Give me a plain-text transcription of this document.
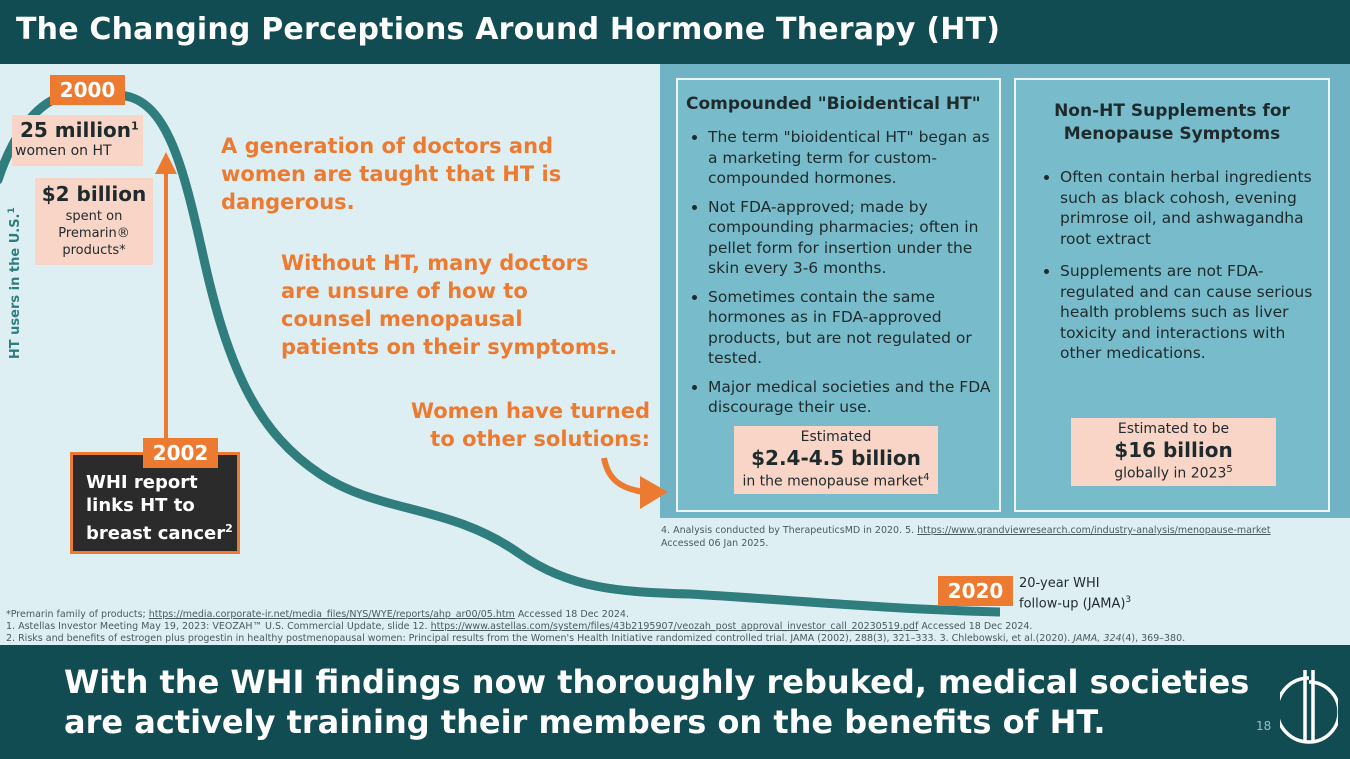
The Changing Perceptions Around Hormone Therapy (HT)
HT users in the U.S.$^1$
2000
25 million$^1$
women on HT
$2 billion
spent on
Premarin®
products*
WHI report
links HT to
breast cancer$^2$
2002
A generation of doctors and
women are taught that HT is
dangerous.
Without HT, many doctors
are unsure of how to
counsel menopausal
patients on their symptoms.
Women have turned
to other solutions:
Compounded "Bioidentical HT"
• The term "bioidentical HT" began as a marketing term for custom-compounded hormones.
• Not FDA-approved; made by compounding pharmacies; often in pellet form for insertion under the skin every 3-6 months.
• Sometimes contain the same hormones as in FDA-approved products, but are not regulated or tested.
• Major medical societies and the FDA discourage their use.
Estimated
$2.4-4.5 billion
in the menopause market$^4$
Non-HT Supplements for
Menopause Symptoms
• Often contain herbal ingredients such as black cohosh, evening primrose oil, and ashwagandha root extract
• Supplements are not FDA-regulated and can cause serious health problems such as liver toxicity and interactions with other medications.
Estimated to be
$16 billion
globally in 2023$^5$
4. Analysis conducted by TherapeuticsMD in 2020. 5. https://www.grandviewresearch.com/industry-analysis/menopause-market
Accessed 06 Jan 2025.
2020	20-year WHI
follow-up (JAMA)$^3$
*Premarin family of products; https://media.corporate-ir.net/media_files/NYS/WYE/reports/ahp_ar00/05.htm Accessed 18 Dec 2024.
1. Astellas Investor Meeting May 19, 2023: VEOZAH™ U.S. Commercial Update, slide 12. https://www.astellas.com/system/files/43b2195907/veozah_post_approval_investor_call_20230519.pdf Accessed 18 Dec 2024.
2. Risks and benefits of estrogen plus progestin in healthy postmenopausal women: Principal results from the Women's Health Initiative randomized controlled trial. JAMA (2002), 288(3), 321–333. 3. Chlebowski, et al.(2020). JAMA, 324(4), 369–380.
With the WHI findings now thoroughly rebuked, medical societies
are actively training their members on the benefits of HT.	18
